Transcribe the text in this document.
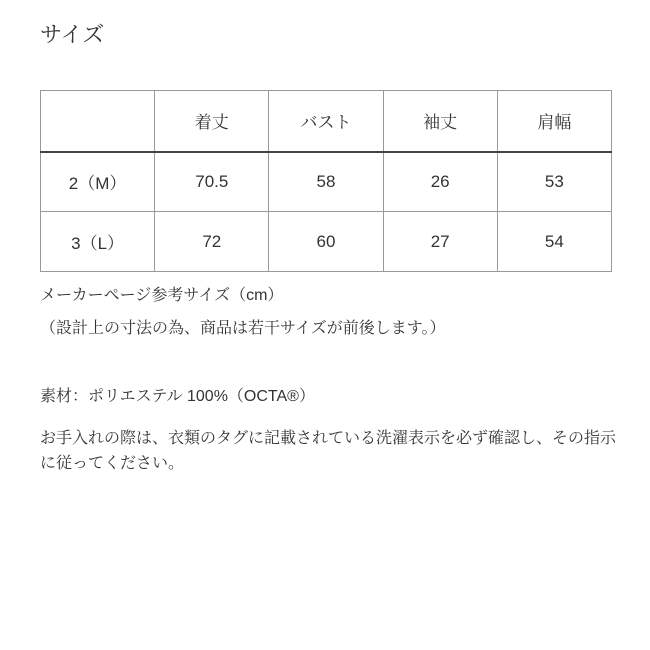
サイズ
	着丈	バスト	袖丈	肩幅
2（M）	70.5	58	26	53
3（L）	72	60	27	54

メーカーページ参考サイズ（cm）

（設計上の寸法の為、商品は若干サイズが前後します。）

素材：ポリエステル 100%（OCTA®）

お手入れの際は、衣類のタグに記載されている洗濯表示を必ず確認し、その指示に従ってください。
